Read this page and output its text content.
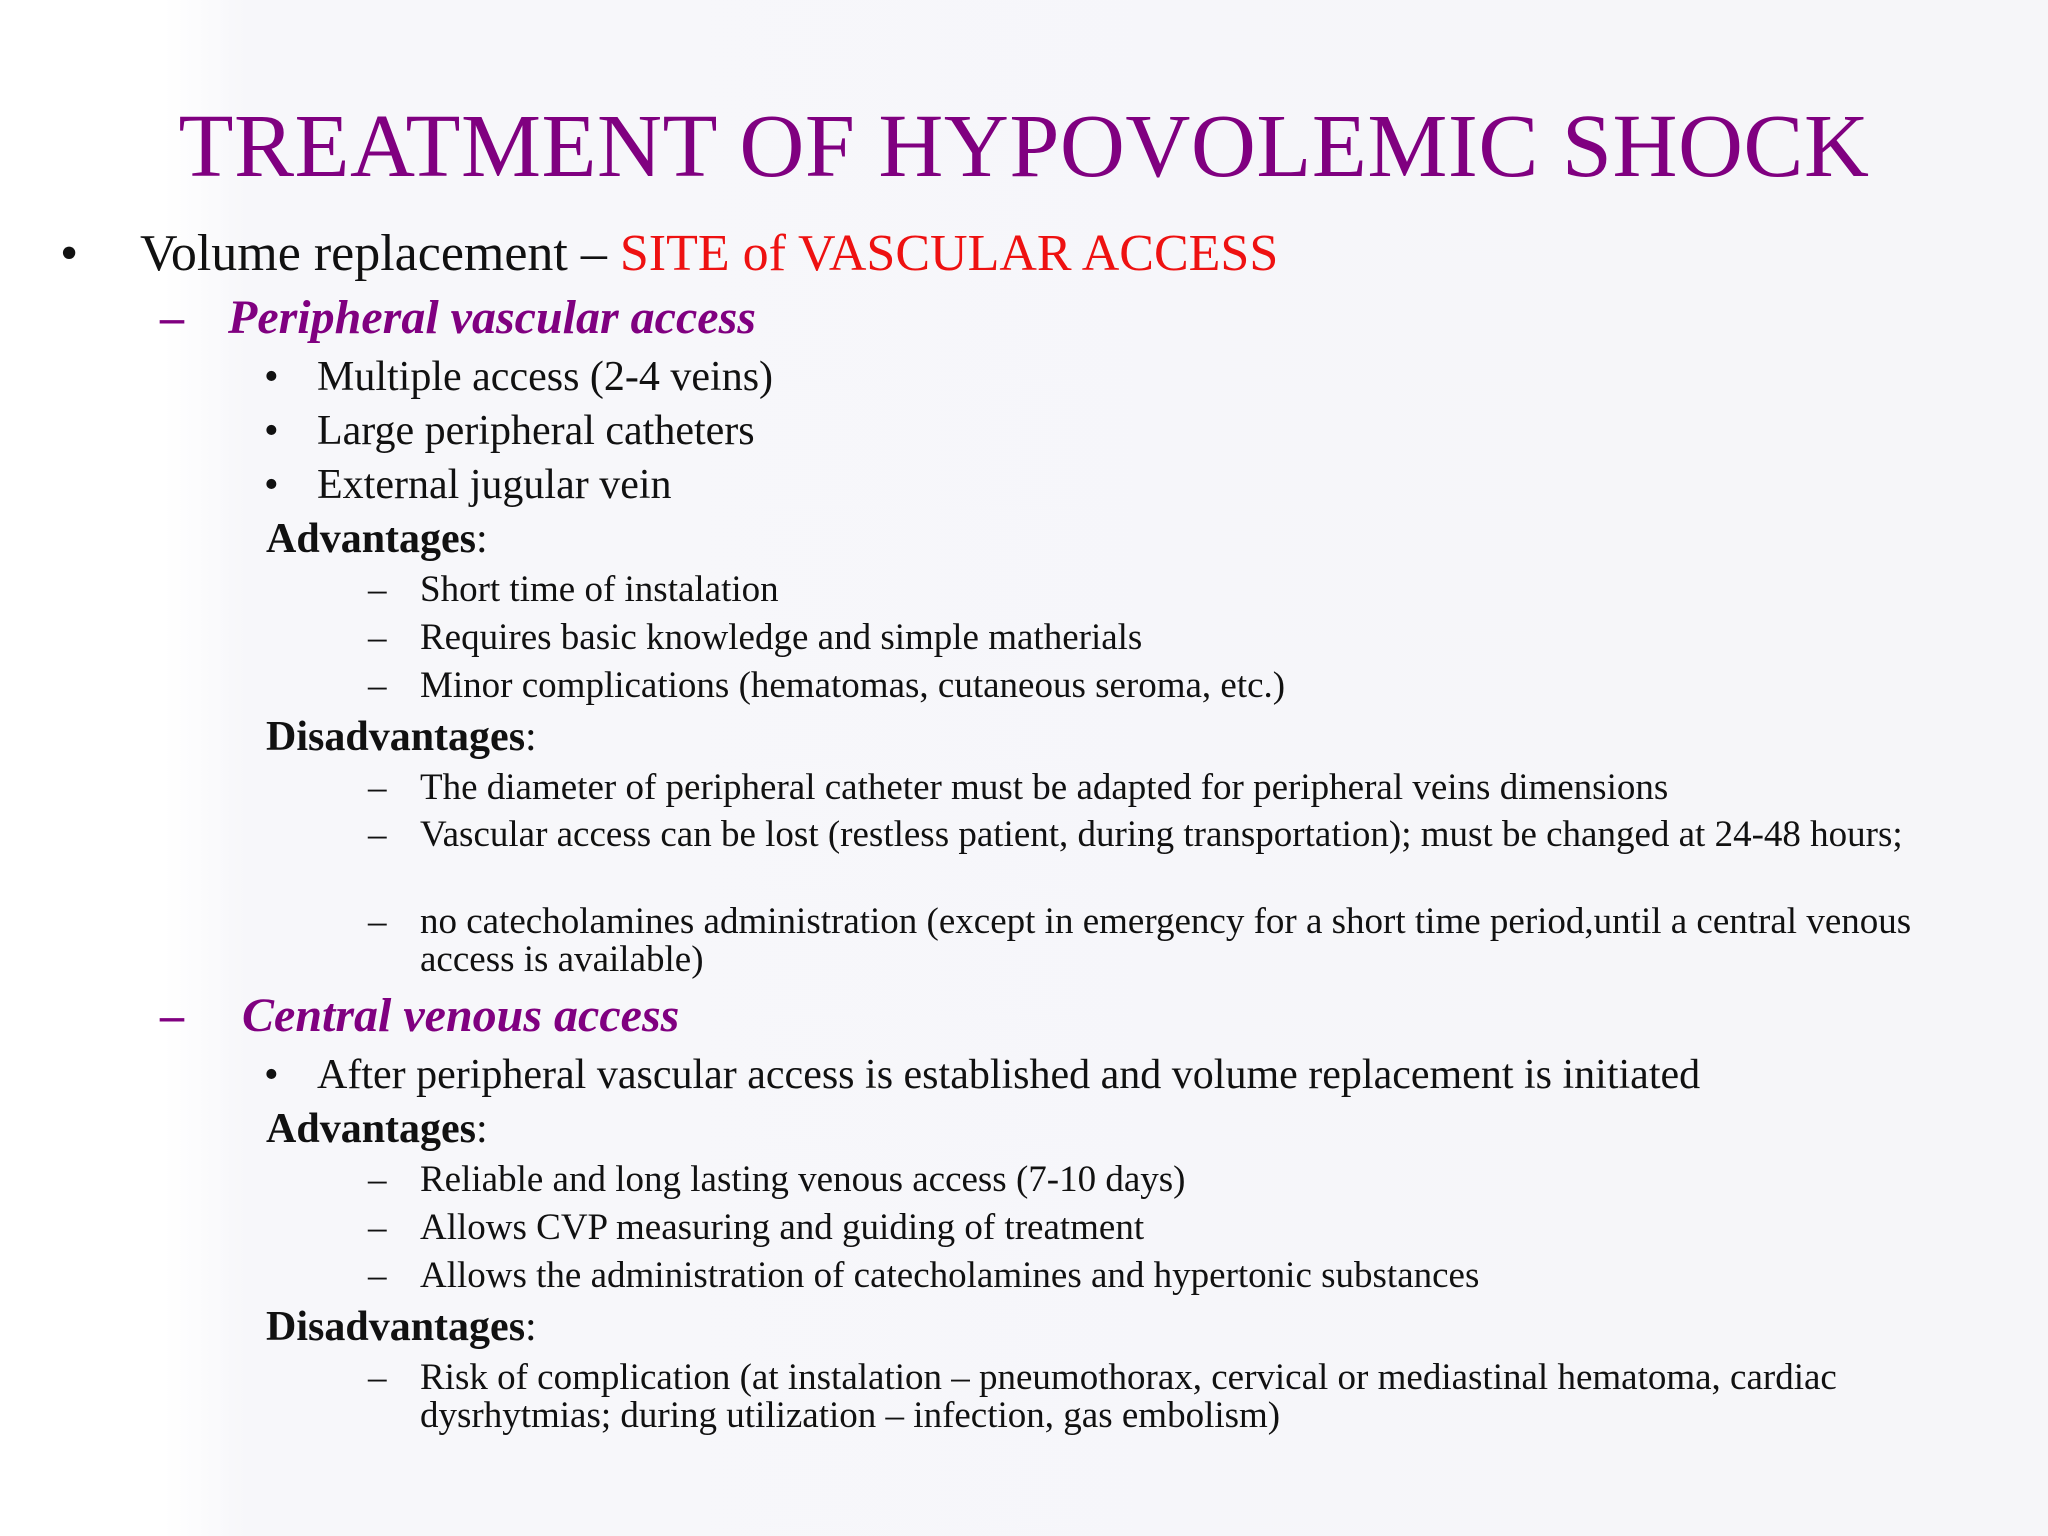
TREATMENT OF HYPOVOLEMIC SHOCK
• Volume replacement – SITE of VASCULAR ACCESS
– Peripheral vascular access
• Multiple access (2-4 veins)
• Large peripheral catheters
• External jugular vein
Advantages:
– Short time of instalation
– Requires basic knowledge and simple matherials
– Minor complications (hematomas, cutaneous seroma, etc.)
Disadvantages:
– The diameter of peripheral catheter must be adapted for peripheral veins dimensions
– Vascular access can be lost (restless patient, during transportation); must be changed at 24-48 hours;
– no catecholamines administration (except in emergency for a short time period,until a central venous access is available)
– Central venous access
• After peripheral vascular access is established and volume replacement is initiated
Advantages:
– Reliable and long lasting venous access (7-10 days)
– Allows CVP measuring and guiding of treatment
– Allows the administration of catecholamines and hypertonic substances
Disadvantages:
– Risk of complication (at instalation – pneumothorax, cervical or mediastinal hematoma, cardiac dysrhytmias; during utilization – infection, gas embolism)
